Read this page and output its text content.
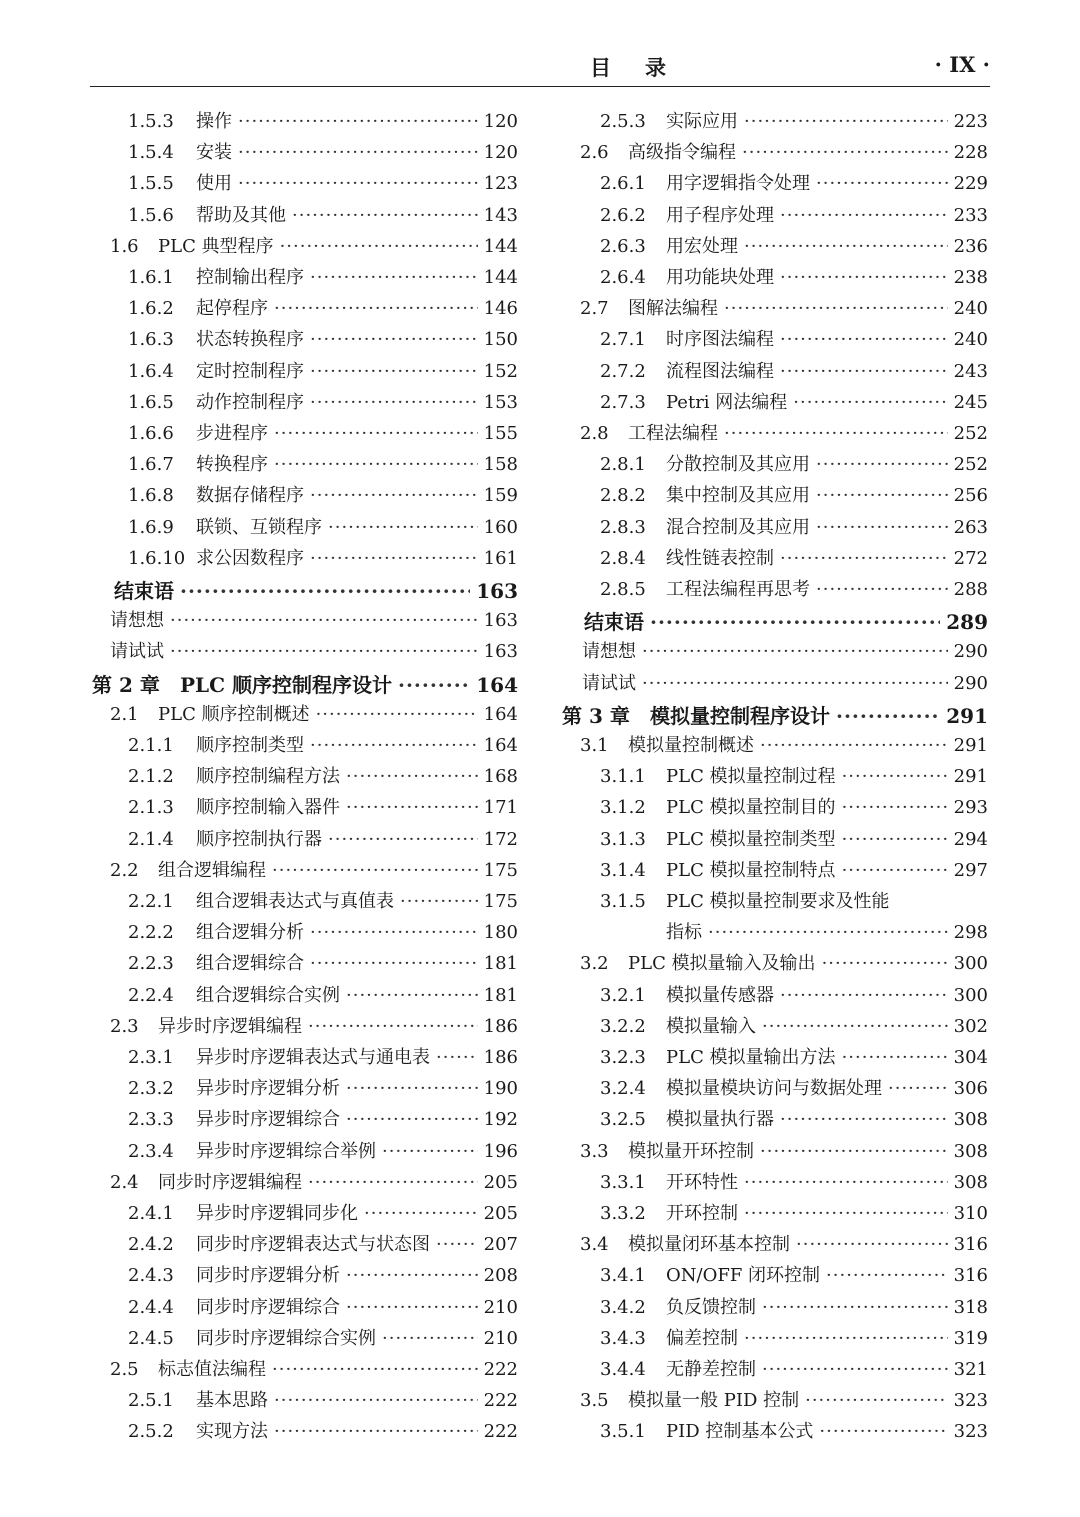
目录	· IX ·
1.5.3	操作 ·····	120
1.5.4	安装 ·····	120
1.5.5	使用 ·····	123
1.5.6	帮助及其他 ·····	143
1.6	PLC 典型程序 ·····	144
1.6.1	控制输出程序 ·····	144
1.6.2	起停程序 ·····	146
1.6.3	状态转换程序 ·····	150
1.6.4	定时控制程序 ·····	152
1.6.5	动作控制程序 ·····	153
1.6.6	步进程序 ·····	155
1.6.7	转换程序 ·····	158
1.6.8	数据存储程序 ·····	159
1.6.9	联锁、互锁程序 ·····	160
1.6.10 求公因数程序 ·····	161
结束语 ·····	163
请想想 ·····	163
请试试 ·····	163
第 2 章	PLC 顺序控制程序设计 ·····	164
2.1	PLC 顺序控制概述 ·····	164
2.1.1	顺序控制类型 ·····	164
2.1.2	顺序控制编程方法 ·····	168
2.1.3	顺序控制输入器件 ·····	171
2.1.4	顺序控制执行器 ·····	172
2.2	组合逻辑编程 ·····	175
2.2.1	组合逻辑表达式与真值表 ·····	175
2.2.2	组合逻辑分析 ·····	180
2.2.3	组合逻辑综合 ·····	181
2.2.4	组合逻辑综合实例 ·····	181
2.3	异步时序逻辑编程 ·····	186
2.3.1	异步时序逻辑表达式与通电表 ·····	186
2.3.2	异步时序逻辑分析 ·····	190
2.3.3	异步时序逻辑综合 ·····	192
2.3.4	异步时序逻辑综合举例 ·····	196
2.4	同步时序逻辑编程 ·····	205
2.4.1	异步时序逻辑同步化 ·····	205
2.4.2	同步时序逻辑表达式与状态图 ·····	207
2.4.3	同步时序逻辑分析 ·····	208
2.4.4	同步时序逻辑综合 ·····	210
2.4.5	同步时序逻辑综合实例 ·····	210
2.5	标志值法编程 ·····	222
2.5.1	基本思路 ·····	222
2.5.2	实现方法 ·····	222
2.5.3	实际应用 ·····	223
2.6	高级指令编程 ·····	228
2.6.1	用字逻辑指令处理 ·····	229
2.6.2	用子程序处理 ·····	233
2.6.3	用宏处理 ·····	236
2.6.4	用功能块处理 ·····	238
2.7	图解法编程 ·····	240
2.7.1	时序图法编程 ·····	240
2.7.2	流程图法编程 ·····	243
2.7.3	Petri 网法编程 ·····	245
2.8	工程法编程 ·····	252
2.8.1	分散控制及其应用 ·····	252
2.8.2	集中控制及其应用 ·····	256
2.8.3	混合控制及其应用 ·····	263
2.8.4	线性链表控制 ·····	272
2.8.5	工程法编程再思考 ·····	288
结束语 ·····	289
请想想 ·····	290
请试试 ·····	290
第 3 章	模拟量控制程序设计 ·····	291
3.1	模拟量控制概述 ·····	291
3.1.1	PLC 模拟量控制过程 ·····	291
3.1.2	PLC 模拟量控制目的 ·····	293
3.1.3	PLC 模拟量控制类型 ·····	294
3.1.4	PLC 模拟量控制特点 ·····	297
3.1.5	PLC 模拟量控制要求及性能
指标 ·····	298
3.2	PLC 模拟量输入及输出 ·····	300
3.2.1	模拟量传感器 ·····	300
3.2.2	模拟量输入 ·····	302
3.2.3	PLC 模拟量输出方法 ·····	304
3.2.4	模拟量模块访问与数据处理 ·····	306
3.2.5	模拟量执行器 ·····	308
3.3	模拟量开环控制 ·····	308
3.3.1	开环特性 ·····	308
3.3.2	开环控制 ·····	310
3.4	模拟量闭环基本控制 ·····	316
3.4.1	ON/OFF 闭环控制 ·····	316
3.4.2	负反馈控制 ·····	318
3.4.3	偏差控制 ·····	319
3.4.4	无静差控制 ·····	321
3.5	模拟量一般 PID 控制 ·····	323
3.5.1	PID 控制基本公式 ·····	323
